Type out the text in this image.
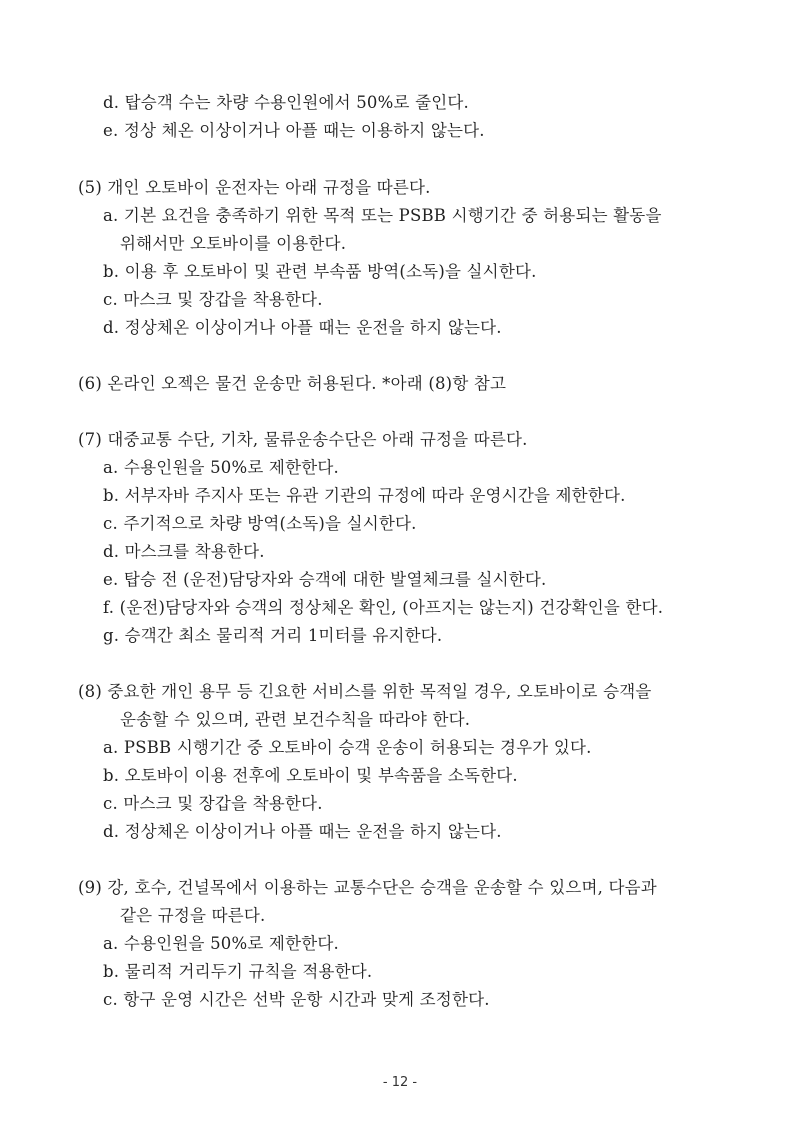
d. 탑승객 수는 차량 수용인원에서 50%로 줄인다.
e. 정상 체온 이상이거나 아플 때는 이용하지 않는다.
(5) 개인 오토바이 운전자는 아래 규정을 따른다.
a. 기본 요건을 충족하기 위한 목적 또는 PSBB 시행기간 중 허용되는 활동을
위해서만 오토바이를 이용한다.
b. 이용 후 오토바이 및 관련 부속품 방역(소독)을 실시한다.
c. 마스크 및 장갑을 착용한다.
d. 정상체온 이상이거나 아플 때는 운전을 하지 않는다.
(6) 온라인 오젝은 물건 운송만 허용된다. *아래 (8)항 참고
(7) 대중교통 수단, 기차, 물류운송수단은 아래 규정을 따른다.
a. 수용인원을 50%로 제한한다.
b. 서부자바 주지사 또는 유관 기관의 규정에 따라 운영시간을 제한한다.
c. 주기적으로 차량 방역(소독)을 실시한다.
d. 마스크를 착용한다.
e. 탑승 전 (운전)담당자와 승객에 대한 발열체크를 실시한다.
f. (운전)담당자와 승객의 정상체온 확인, (아프지는 않는지) 건강확인을 한다.
g. 승객간 최소 물리적 거리 1미터를 유지한다.
(8) 중요한 개인 용무 등 긴요한 서비스를 위한 목적일 경우, 오토바이로 승객을
운송할 수 있으며, 관련 보건수칙을 따라야 한다.
a. PSBB 시행기간 중 오토바이 승객 운송이 허용되는 경우가 있다.
b. 오토바이 이용 전후에 오토바이 및 부속품을 소독한다.
c. 마스크 및 장갑을 착용한다.
d. 정상체온 이상이거나 아플 때는 운전을 하지 않는다.
(9) 강, 호수, 건널목에서 이용하는 교통수단은 승객을 운송할 수 있으며, 다음과
같은 규정을 따른다.
a. 수용인원을 50%로 제한한다.
b. 물리적 거리두기 규칙을 적용한다.
c. 항구 운영 시간은 선박 운항 시간과 맞게 조정한다.
- 12 -
